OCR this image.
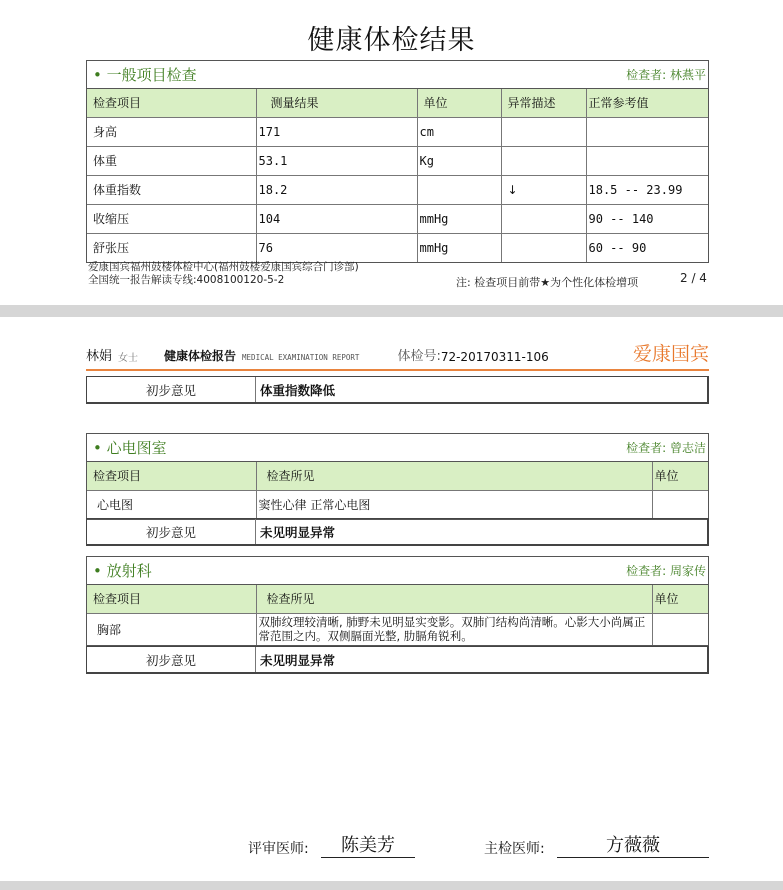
健康体检结果
• 一般项目检查	检查者: 林燕平
检查项目	测量结果	单位	异常描述	正常参考值
身高	171	cm		
体重	53.1	Kg		
体重指数	18.2		↓	18.5 -- 23.99
收缩压	104	mmHg		90 -- 140
舒张压	76	mmHg		60 -- 90
爱康国宾福州鼓楼体检中心(福州鼓楼爱康国宾综合门诊部)
全国统一报告解读专线:4008100120-5-2	注: 检查项目前带★为个性化体检增项	2 / 4
林娟 女士 健康体检报告 MEDICAL EXAMINATION REPORT	体检号: 72-20170311-106	爱康国宾
初步意见	体重指数降低
• 心电图室	检查者: 曾志洁
检查项目	检查所见	单位
心电图	窦性心律 正常心电图	
初步意见	未见明显异常
• 放射科	检查者: 周家传
检查项目	检查所见	单位
胸部	双肺纹理较清晰, 肺野未见明显实变影。双肺门结构尚清晰。心影大小尚属正常范围之内。双侧膈面光整, 肋膈角锐利。	
初步意见	未见明显异常
评审医师:	陈美芳	主检医师:	方薇薇
